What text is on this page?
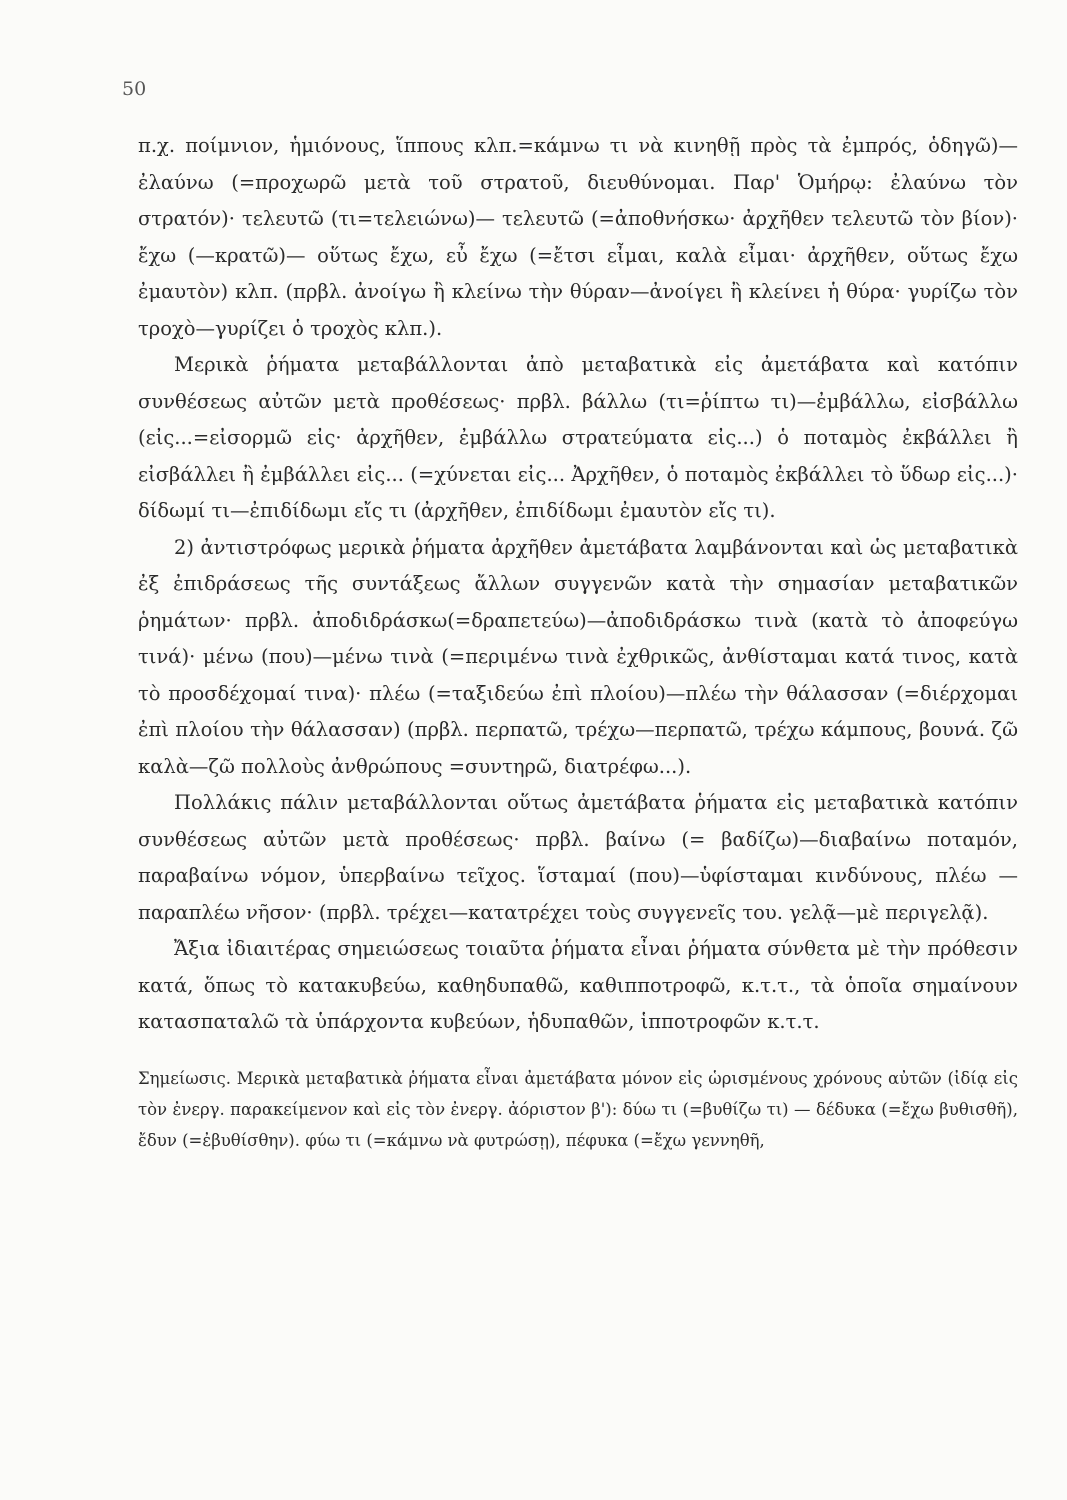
50

π.χ. ποίμνιον, ἡμιόνους, ἵππους κλπ.=κάμνω τι νὰ κινηθῇ πρὸς τὰ ἐμπρός, ὁδηγῶ)— ἐλαύνω (=προχωρῶ μετὰ τοῦ στρατοῦ, διευθύνομαι. Παρ' Ὁμήρῳ: ἐλαύνω τὸν στρατόν)· τελευτῶ (τι=τελειώνω)— τελευτῶ (=ἀποθνήσκω· ἀρχῆθεν τελευτῶ τὸν βίον)· ἔχω (—κρατῶ)— οὕτως ἔχω, εὖ ἔχω (=ἔτσι εἶμαι, καλὰ εἶμαι· ἀρχῆθεν, οὕτως ἔχω ἐμαυτὸν) κλπ. (πρβλ. ἀνοίγω ἢ κλείνω τὴν θύραν—ἀνοίγει ἢ κλείνει ἡ θύρα· γυρίζω τὸν τροχὸ—γυρίζει ὁ τροχὸς κλπ.).

Μερικὰ ῥήματα μεταβάλλονται ἀπὸ μεταβατικὰ εἰς ἀμετάβατα καὶ κατόπιν συνθέσεως αὐτῶν μετὰ προθέσεως· πρβλ. βάλλω (τι=ῥίπτω τι)—ἐμβάλλω, εἰσβάλλω (εἰς...=εἰσορμῶ εἰς· ἀρχῆθεν, ἐμβάλλω στρατεύματα εἰς...) ὁ ποταμὸς ἐκβάλλει ἢ εἰσβάλλει ἢ ἐμβάλλει εἰς... (=χύνεται εἰς... Ἀρχῆθεν, ὁ ποταμὸς ἐκβάλλει τὸ ὕδωρ εἰς...)· δίδωμί τι—ἐπιδίδωμι εἴς τι (ἀρχῆθεν, ἐπιδίδωμι ἐμαυτὸν εἴς τι).

2) ἀντιστρόφως μερικὰ ῥήματα ἀρχῆθεν ἀμετάβατα λαμβάνονται καὶ ὡς μεταβατικὰ ἐξ ἐπιδράσεως τῆς συντάξεως ἄλλων συγγενῶν κατὰ τὴν σημασίαν μεταβατικῶν ῥημάτων· πρβλ. ἀποδιδράσκω(=δραπετεύω)—ἀποδιδράσκω τινὰ (κατὰ τὸ ἀποφεύγω τινά)· μένω (που)—μένω τινὰ (=περιμένω τινὰ ἐχθρικῶς, ἀνθίσταμαι κατά τινος, κατὰ τὸ προσδέχομαί τινα)· πλέω (=ταξιδεύω ἐπὶ πλοίου)—πλέω τὴν θάλασσαν (=διέρχομαι ἐπὶ πλοίου τὴν θάλασσαν) (πρβλ. περπατῶ, τρέχω—περπατῶ, τρέχω κάμπους, βουνά. ζῶ καλὰ—ζῶ πολλοὺς ἀνθρώπους =συντηρῶ, διατρέφω...).

Πολλάκις πάλιν μεταβάλλονται οὕτως ἀμετάβατα ῥήματα εἰς μεταβατικὰ κατόπιν συνθέσεως αὐτῶν μετὰ προθέσεως· πρβλ. βαίνω (= βαδίζω)—διαβαίνω ποταμόν, παραβαίνω νόμον, ὑπερβαίνω τεῖχος. ἵσταμαί (που)—ὑφίσταμαι κινδύνους, πλέω —παραπλέω νῆσον· (πρβλ. τρέχει—κατατρέχει τοὺς συγγενεῖς του. γελᾷ—μὲ περιγελᾷ).

Ἄξια ἰδιαιτέρας σημειώσεως τοιαῦτα ῥήματα εἶναι ῥήματα σύνθετα μὲ τὴν πρόθεσιν κατά, ὅπως τὸ κατακυβεύω, καθηδυπαθῶ, καθιπποτροφῶ, κ.τ.τ., τὰ ὁποῖα σημαίνουν κατασπαταλῶ τὰ ὑπάρχοντα κυβεύων, ἡδυπαθῶν, ἱπποτροφῶν κ.τ.τ.

Σημείωσις. Μερικὰ μεταβατικὰ ῥήματα εἶναι ἀμετάβατα μόνον εἰς ὡρισμένους χρόνους αὐτῶν (ἰδίᾳ εἰς τὸν ἐνεργ. παρακείμενον καὶ εἰς τὸν ἐνεργ. ἀόριστον β'): δύω τι (=βυθίζω τι) — δέδυκα (=ἔχω βυθισθῆ), ἔδυν (=ἐβυθίσθην). φύω τι (=κάμνω νὰ φυτρώσῃ), πέφυκα (=ἔχω γεννηθῆ,
